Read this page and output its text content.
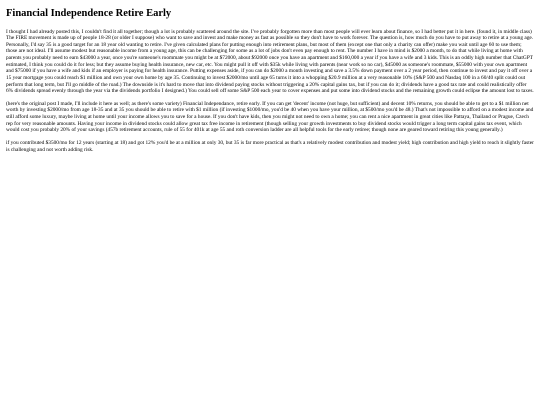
Financial Independence Retire Early

I thought I had already posted this, I couldn't find it all together; though a lot is probably scattered around the site. I've probably forgotten more than most people will ever learn about finance, so I had better put it in here. (found it, in middle class) The FIRE movement is made up of people 18-28 (or older I suppose) who want to save and invest and make money as fast as possible so they don't have to work forever. The question is, how much do you have to put away to retire at a young age. Personally, I'd say 35 is a good target for an 18 year old wanting to retire. I've given calculated plans for putting enough into retirement plans, but most of them (except one that only a charity can offer) make you wait until age 60 to use them; those are not ideal. I'll assume modest but reasonable income from a young age, this can be challenging for some as a lot of jobs don't even pay enough to rent. The number I have in mind is $2000 a month, to do that while living at home with parents you probably need to earn $43000 a year, once you're someone's roommate you might be at $72000, about $92000 once you have an apartment and $160,000 a year if you have a wife and 3 kids. This is an oddly high number that ChatGPT estimated, I think you could do it for less; but they assume buying health insurance, new car, etc. You might pull it off with $35k while living with parents (near work so no car), $45000 as someone's roommate, $55000 with your own apartment and $75000 if you have a wife and kids if an employer is paying for health insurance. Putting expenses aside, if you can do $2000 a month investing and save a 3.5% down payment over a 2 year period, then continue to invest and pay it off over a 15 year mortgage you could reach $1 million and own your own home by age 35. Continuing to invest $2000/mo until age 65 turns it into a whopping $20.9 million at a very reasonable 10% (S&P 500 and Nasdaq 100 in a 60/40 split could out perform that long term, but I'll go middle of the road.) The downside is it's hard to move that into dividend paying stocks without triggering a 20% capital gains tax, but if you can do it; dividends have a good tax rate and could realistically offer 6% dividends spread evenly through the year via the dividends portfolio I designed.) You could sell off some S&P 500 each year to cover expenses and put some into dividend stocks and the remaining growth could eclipse the amount lost to taxes.

(here's the original post I made, I'll include it here as well; as there's some variety) Financial Independance, retire early. If you can get 'decent' income (not huge, but sufficient) and decent 10% returns, you should be able to get to a $1 million net worth by investing $2000/mo from age 18-35 and at 35 you should be able to retire with $1 million (if investing $1000/mo, you'd be 40 when you have your million, at $500/mo you'd be 48.) That's not impossible to afford on a modest income and still afford some luxury, maybe living at home until your income allows you to save for a house. If you don't have kids, then you might not need to own a home; you can rent a nice apartment in great cities like Pattaya, Thailand or Prague, Czech rep for very reasonable amounts. Having your income in dividend stocks could allow great tax free income in retirement (though selling your growth investments to buy dividend stocks would trigger a long term capital gains tax event, which would cost you probably 20% of your savings (457b retirement accounts, rule of 55 for 401k at age 55 and roth conversion ladder are all helpful tools for the early retiree; though none are geared toward retiring this young generally.)

if you contributed $3500/mo for 12 years (starting at 18) and got 12% you'd be at a million at only 30, but 35 is far more practical as that's a relatively modest contribution and modest yield; high contribution and high yield to reach it slightly faster is challenging and not worth adding risk.
